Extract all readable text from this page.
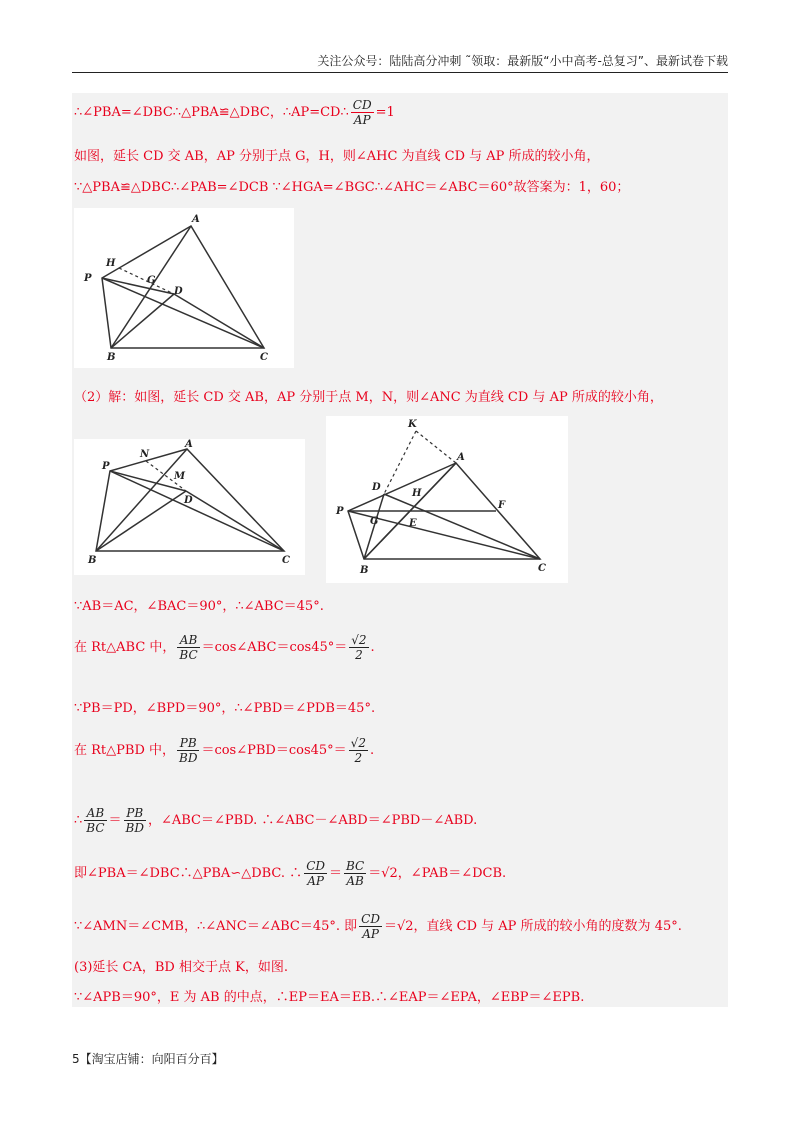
关注公众号：陆陆高分冲刺 ˜领取：最新版“小中高考-总复习”、最新试卷下载
∴∠PBA=∠DBC∴△PBA≌△DBC，∴AP=CD∴ $\frac{CD}{AP} =1$
如图，延长 CD 交 AB，AP 分别于点 G，H，则∠AHC 为直线 CD 与 AP 所成的较小角，
∵△PBA≌△DBC∴∠PAB=∠DCB ∵∠HGA=∠BGC∴∠AHC＝∠ABC＝60°故答案为：1，60；
A
H
P	G
D
B	C
（2）解：如图，延长 CD 交 AB，AP 分别于点 M，N，则∠ANC 为直线 CD 与 AP 所成的较小角，
A
N
P
M
D
B	C
K
A
D
H
P
G	E
F
B	C
∵AB＝AC，∠BAC＝90°，∴∠ABC＝45°.
在 Rt△ABC 中， $\frac{AB}{BC}$ ＝cos∠ABC＝cos45°＝ $\frac{√2}{2}$ .
∵PB＝PD，∠BPD＝90°，∴∠PBD＝∠PDB＝45°.
在 Rt△PBD 中， $\frac{PB}{BD}$ ＝cos∠PBD＝cos45°＝ $\frac{√2}{2}$ .
∴ $\frac{AB}{BC} = \frac{PB}{BD}$ ，∠ABC＝∠PBD. ∴∠ABC－∠ABD＝∠PBD－∠ABD.
即∠PBA＝∠DBC∴△PBA∽△DBC. ∴ $\frac{CD}{AP} = \frac{BC}{AB} =√2$，∠PAB＝∠DCB.
∵∠AMN＝∠CMB，∴∠ANC＝∠ABC＝45°. 即 $\frac{CD}{AP} =√2$，直线 CD 与 AP 所成的较小角的度数为 45°.
(3)延长 CA，BD 相交于点 K，如图.
∵∠APB＝90°，E 为 AB 的中点，∴EP＝EA＝EB.∴∠EAP＝∠EPA，∠EBP＝∠EPB.
5【淘宝店铺：向阳百分百】
